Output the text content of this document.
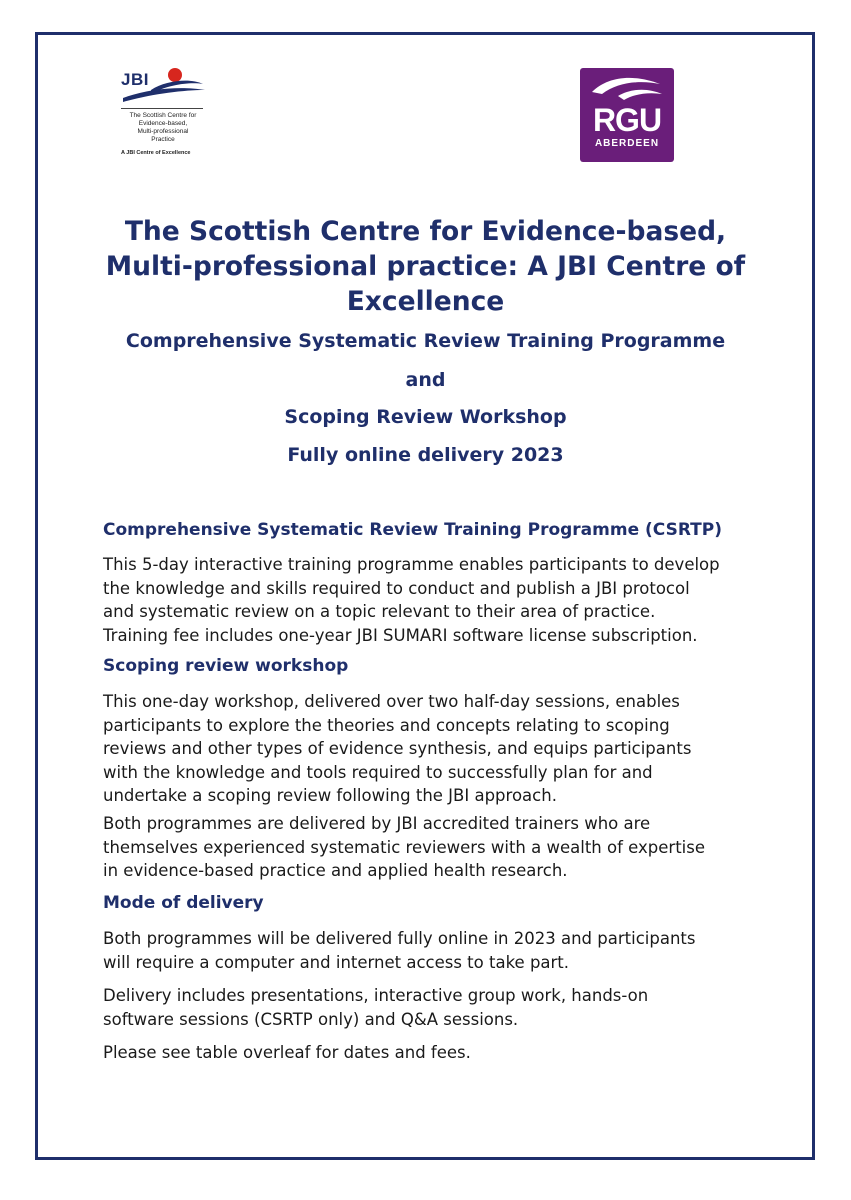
JBI
The Scottish Centre for
Evidence-based,
Multi-professional
Practice
A JBI Centre of Excellence
RGU
ABERDEEN
The Scottish Centre for Evidence-based,
Multi-professional practice: A JBI Centre of
Excellence
Comprehensive Systematic Review Training Programme
and
Scoping Review Workshop
Fully online delivery 2023
Comprehensive Systematic Review Training Programme (CSRTP)
This 5-day interactive training programme enables participants to develop
the knowledge and skills required to conduct and publish a JBI protocol
and systematic review on a topic relevant to their area of practice.
Training fee includes one-year JBI SUMARI software license subscription.
Scoping review workshop
This one-day workshop, delivered over two half-day sessions, enables
participants to explore the theories and concepts relating to scoping
reviews and other types of evidence synthesis, and equips participants
with the knowledge and tools required to successfully plan for and
undertake a scoping review following the JBI approach.
Both programmes are delivered by JBI accredited trainers who are
themselves experienced systematic reviewers with a wealth of expertise
in evidence-based practice and applied health research.
Mode of delivery
Both programmes will be delivered fully online in 2023 and participants
will require a computer and internet access to take part.
Delivery includes presentations, interactive group work, hands-on
software sessions (CSRTP only) and Q&A sessions.
Please see table overleaf for dates and fees.
